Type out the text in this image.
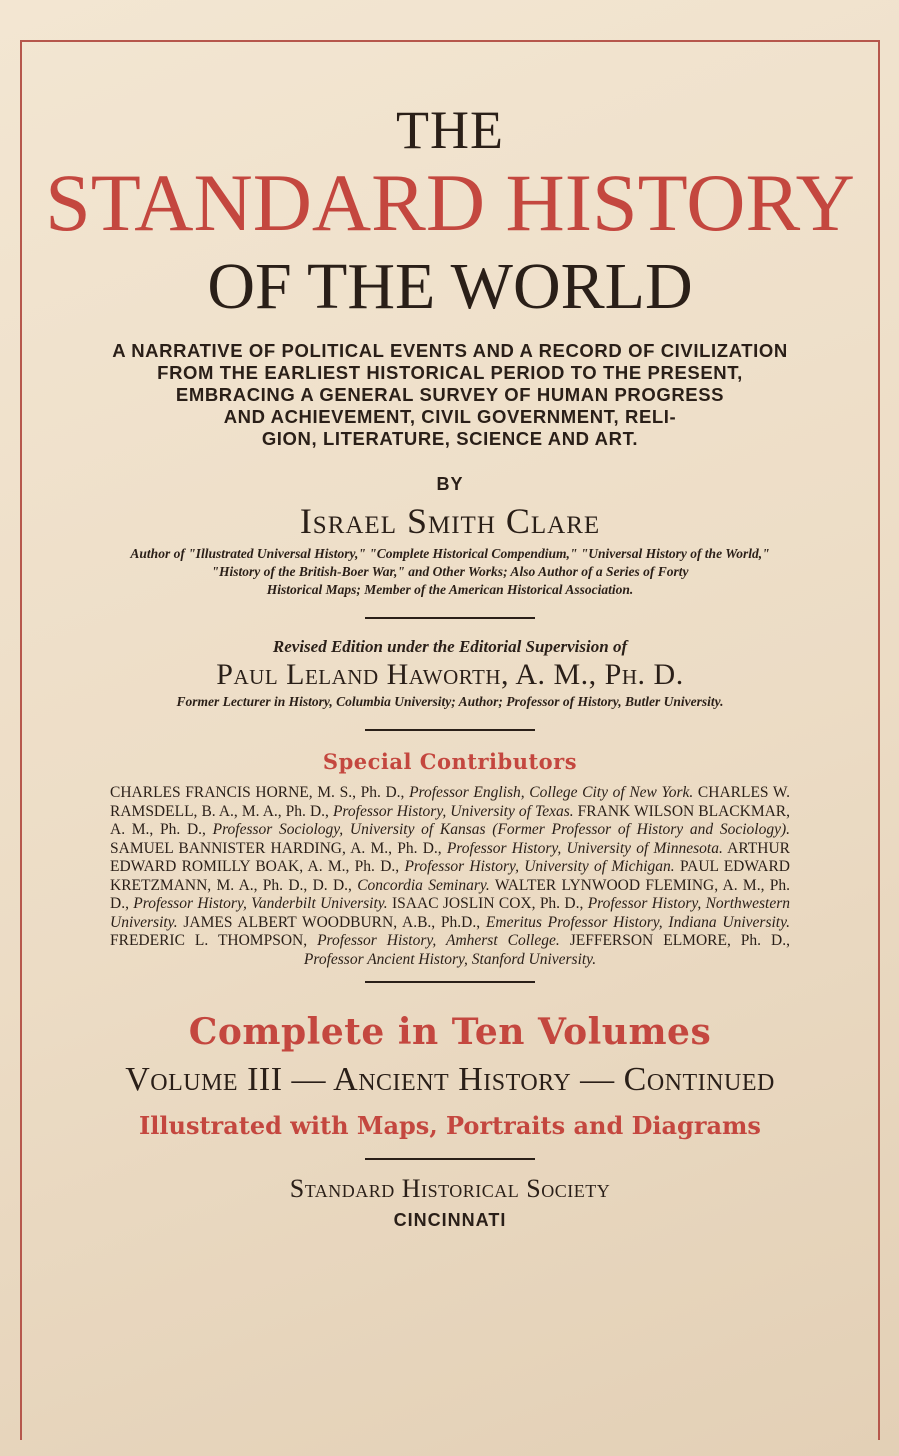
THE
STANDARD HISTORY
OF THE WORLD
A NARRATIVE OF POLITICAL EVENTS AND A RECORD OF CIVILIZATION
FROM THE EARLIEST HISTORICAL PERIOD TO THE PRESENT,
EMBRACING A GENERAL SURVEY OF HUMAN PROGRESS
AND ACHIEVEMENT, CIVIL GOVERNMENT, RELI-
GION, LITERATURE, SCIENCE AND ART.
BY
Israel Smith Clare
Author of "Illustrated Universal History," "Complete Historical Compendium," "Universal History of the World,"
"History of the British-Boer War," and Other Works; Also Author of a Series of Forty
Historical Maps; Member of the American Historical Association.
Revised Edition under the Editorial Supervision of
Paul Leland Haworth, A. M., Ph. D.
Former Lecturer in History, Columbia University; Author; Professor of History, Butler University.
Special Contributors
CHARLES FRANCIS HORNE, M. S., Ph. D., Professor English, College City of New York. CHARLES W. RAMSDELL, B. A., M. A., Ph. D., Professor History, University of Texas. FRANK WILSON BLACKMAR, A. M., Ph. D., Professor Sociology, University of Kansas (Former Professor of History and Sociology). SAMUEL BANNISTER HARDING, A. M., Ph. D., Professor History, University of Minnesota. ARTHUR EDWARD ROMILLY BOAK, A. M., Ph. D., Professor History, University of Michigan. PAUL EDWARD KRETZMANN, M. A., Ph. D., D. D., Concordia Seminary. WALTER LYNWOOD FLEMING, A. M., Ph. D., Professor History, Vanderbilt University. ISAAC JOSLIN COX, Ph. D., Professor History, Northwestern University. JAMES ALBERT WOODBURN, A.B., Ph.D., Emeritus Professor History, Indiana University. FREDERIC L. THOMPSON, Professor History, Amherst College. JEFFERSON ELMORE, Ph. D., Professor Ancient History, Stanford University.
Complete in Ten Volumes
Volume III — Ancient History — Continued
Illustrated with Maps, Portraits and Diagrams
Standard Historical Society
CINCINNATI
